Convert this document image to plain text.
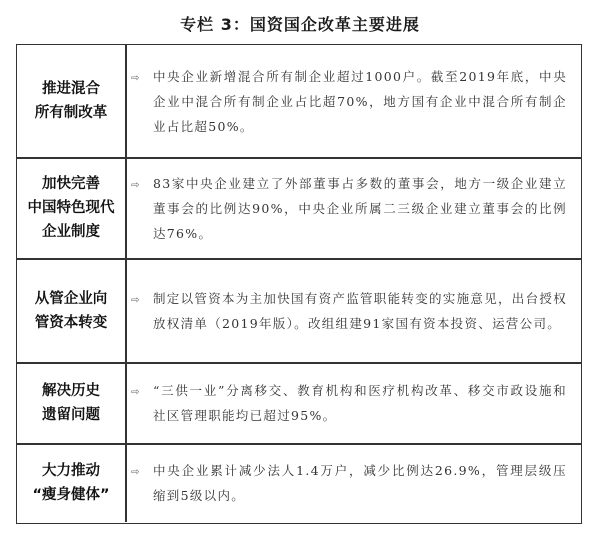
专栏 3：国资国企改革主要进展
推进混合
所有制改革
⇨	中央企业新增混合所有制企业超过1000户。截至2019年底，中央企业中混合所有制企业占比超70%，地方国有企业中混合所有制企业占比超50%。
加快完善
中国特色现代
企业制度
⇨	83家中央企业建立了外部董事占多数的董事会，地方一级企业建立董事会的比例达90%，中央企业所属二三级企业建立董事会的比例达76%。
从管企业向
管资本转变
⇨	制定以管资本为主加快国有资产监管职能转变的实施意见，出台授权放权清单（2019年版）。改组组建91家国有资本投资、运营公司。
解决历史
遗留问题
⇨	“三供一业”分离移交、教育机构和医疗机构改革、移交市政设施和社区管理职能均已超过95%。
大力推动
“瘦身健体”
⇨	中央企业累计减少法人1.4万户，减少比例达26.9%，管理层级压缩到5级以内。
